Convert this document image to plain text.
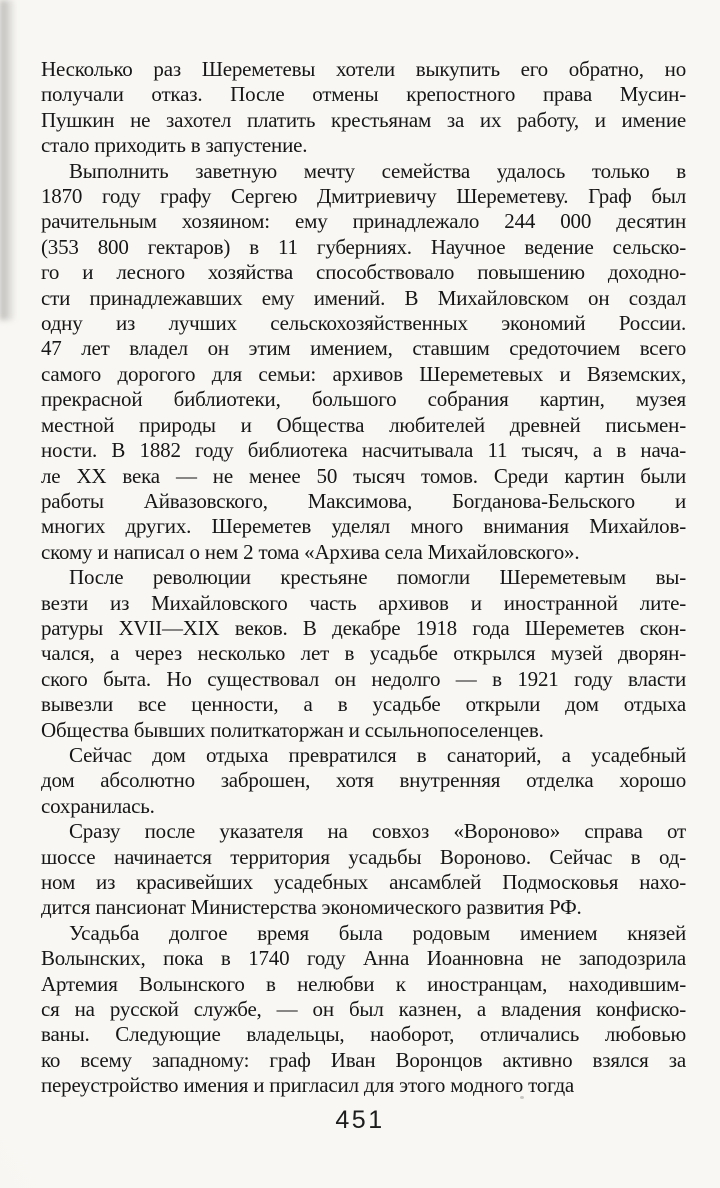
Несколько раз Шереметевы хотели выкупить его обратно, но
получали отказ. После отмены крепостного права Мусин-
Пушкин не захотел платить крестьянам за их работу, и имение
стало приходить в запустение.
Выполнить заветную мечту семейства удалось только в
1870 году графу Сергею Дмитриевичу Шереметеву. Граф был
рачительным хозяином: ему принадлежало 244 000 десятин
(353 800 гектаров) в 11 губерниях. Научное ведение сельско-
го и лесного хозяйства способствовало повышению доходно-
сти принадлежавших ему имений. В Михайловском он создал
одну из лучших сельскохозяйственных экономий России.
47 лет владел он этим имением, ставшим средоточием всего
самого дорогого для семьи: архивов Шереметевых и Вяземских,
прекрасной библиотеки, большого собрания картин, музея
местной природы и Общества любителей древней письмен-
ности. В 1882 году библиотека насчитывала 11 тысяч, а в нача-
ле XX века — не менее 50 тысяч томов. Среди картин были
работы Айвазовского, Максимова, Богданова-Бельского и
многих других. Шереметев уделял много внимания Михайлов-
скому и написал о нем 2 тома «Архива села Михайловского».
После революции крестьяне помогли Шереметевым вы-
везти из Михайловского часть архивов и иностранной лите-
ратуры XVII—XIX веков. В декабре 1918 года Шереметев скон-
чался, а через несколько лет в усадьбе открылся музей дворян-
ского быта. Но существовал он недолго — в 1921 году власти
вывезли все ценности, а в усадьбе открыли дом отдыха
Общества бывших политкаторжан и ссыльнопоселенцев.
Сейчас дом отдыха превратился в санаторий, а усадебный
дом абсолютно заброшен, хотя внутренняя отделка хорошо
сохранилась.
Сразу после указателя на совхоз «Вороново» справа от
шоссе начинается территория усадьбы Вороново. Сейчас в од-
ном из красивейших усадебных ансамблей Подмосковья нахо-
дится пансионат Министерства экономического развития РФ.
Усадьба долгое время была родовым имением князей
Волынских, пока в 1740 году Анна Иоанновна не заподозрила
Артемия Волынского в нелюбви к иностранцам, находившим-
ся на русской службе, — он был казнен, а владения конфиско-
ваны. Следующие владельцы, наоборот, отличались любовью
ко всему западному: граф Иван Воронцов активно взялся за
переустройство имения и пригласил для этого модного тогда
451
